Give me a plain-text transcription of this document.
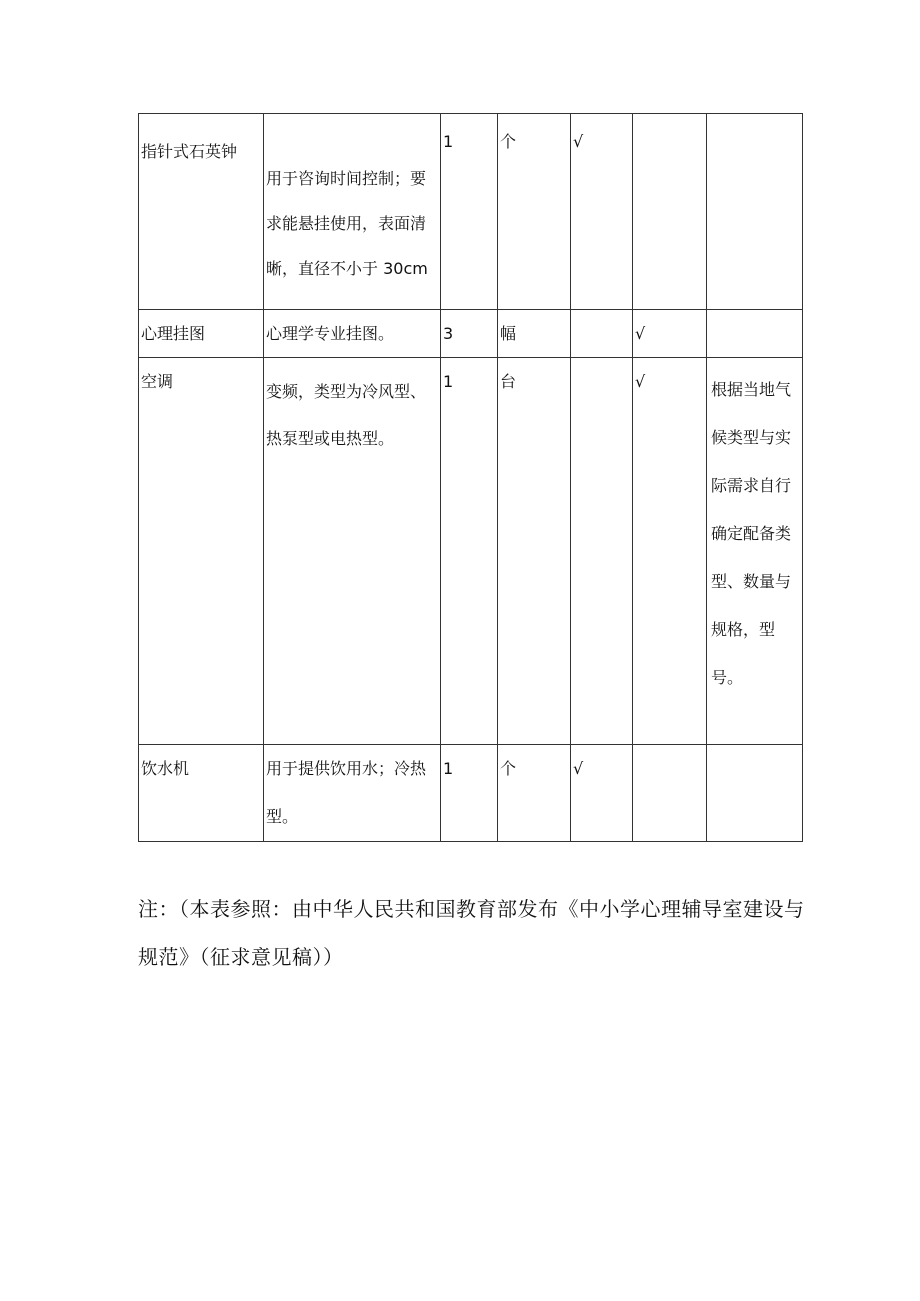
指针式石英钟	用于咨询时间控制；要求能悬挂使用，表面清晰，直径不小于 30cm	1	个	√		

心理挂图	心理学专业挂图。	3	幅		√	

空调	变频，类型为冷风型、热泵型或电热型。	1	台		√	根据当地气候类型与实际需求自行确定配备类型、数量与规格，型号。

饮水机	用于提供饮用水；冷热型。	1	个	√		

注：（本表参照：由中华人民共和国教育部发布《中小学心理辅导室建设与规范》（征求意见稿））
